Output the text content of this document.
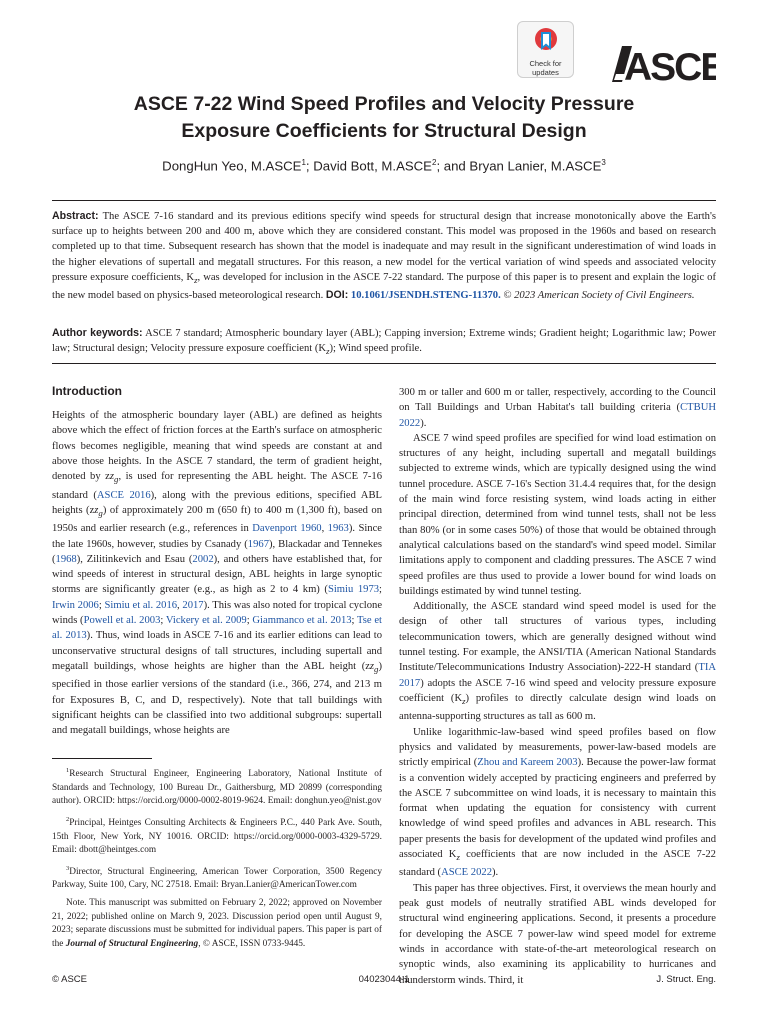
Check for
updates	ASCE
ASCE 7-22 Wind Speed Profiles and Velocity Pressure
Exposure Coefficients for Structural Design
DongHun Yeo, M.ASCE$^1$; David Bott, M.ASCE$^2$; and Bryan Lanier, M.ASCE$^3$
Abstract: The ASCE 7-16 standard and its previous editions specify wind speeds for structural design that increase monotonically above the Earth's surface up to heights between 200 and 400 m, above which they are considered constant. This model was proposed in the 1960s and based on research completed up to that time. Subsequent research has shown that the model is inadequate and may result in the significant underestimation of wind loads in the higher elevations of supertall and megatall structures. For this reason, a new model for the vertical variation of wind speeds and associated velocity pressure exposure coefficients, $K_z$, was developed for inclusion in the ASCE 7-22 standard. The purpose of this paper is to present and explain the logic of the new model based on physics-based meteorological research. DOI: 10.1061/JSENDH.STENG-11370. © 2023 American Society of Civil Engineers.
Author keywords: ASCE 7 standard; Atmospheric boundary layer (ABL); Capping inversion; Extreme winds; Gradient height; Logarithmic law; Power law; Structural design; Velocity pressure exposure coefficient $(K_z)$; Wind speed profile.
Introduction

Heights of the atmospheric boundary layer (ABL) are defined as heights above which the effect of friction forces at the Earth's surface on atmospheric flows becomes negligible, meaning that wind speeds are constant at and above those heights. In the ASCE 7 standard, the term of gradient height, denoted by $zz_g$, is used for representing the ABL height. The ASCE 7-16 standard (ASCE 2016), along with the previous editions, specified ABL heights $(zz_g)$ of approximately 200 m (650 ft) to 400 m (1,300 ft), based on 1950s and earlier research (e.g., references in Davenport 1960, 1963). Since the late 1960s, however, studies by Csanady (1967), Blackadar and Tennekes (1968), Zilitinkevich and Esau (2002), and others have established that, for wind speeds of interest in structural design, ABL heights in large synoptic storms are significantly greater (e.g., as high as 2 to 4 km) (Simiu 1973; Irwin 2006; Simiu et al. 2016, 2017). This was also noted for tropical cyclone winds (Powell et al. 2003; Vickery et al. 2009; Giammanco et al. 2013; Tse et al. 2013). Thus, wind loads in ASCE 7-16 and its earlier editions can lead to unconservative structural designs of tall structures, including supertall and megatall buildings, whose heights are higher than the ABL height $(zz_g)$ specified in those earlier versions of the standard (i.e., 366, 274, and 213 m for Exposures B, C, and D, respectively). Note that tall buildings with significant heights can be classified into two additional subgroups: supertall and megatall buildings, whose heights are

$^1$Research Structural Engineer, Engineering Laboratory, National Institute of Standards and Technology, 100 Bureau Dr., Gaithersburg, MD 20899 (corresponding author). ORCID: https://orcid.org/0000-0002-8019-9624. Email: donghun.yeo@nist.gov

$^2$Principal, Heintges Consulting Architects & Engineers P.C., 440 Park Ave. South, 15th Floor, New York, NY 10016. ORCID: https://orcid.org/0000-0003-4329-5729. Email: dbott@heintges.com

$^3$Director, Structural Engineering, American Tower Corporation, 3500 Regency Parkway, Suite 100, Cary, NC 27518. Email: Bryan.Lanier@AmericanTower.com

Note. This manuscript was submitted on February 2, 2022; approved on November 21, 2022; published online on March 9, 2023. Discussion period open until August 9, 2023; separate discussions must be submitted for individual papers. This paper is part of the Journal of Structural Engineering, © ASCE, ISSN 0733-9445.

300 m or taller and 600 m or taller, respectively, according to the Council on Tall Buildings and Urban Habitat's tall building criteria (CTBUH 2022).

ASCE 7 wind speed profiles are specified for wind load estimation on structures of any height, including supertall and megatall buildings subjected to extreme winds, which are typically designed using the wind tunnel procedure. ASCE 7-16's Section 31.4.4 requires that, for the design of the main wind force resisting system, wind loads acting in either principal direction, determined from wind tunnel tests, shall not be less than 80% (or in some cases 50%) of those that would be obtained through analytical calculations based on the standard's wind speed model. Similar limitations apply to component and cladding pressures. The ASCE 7 wind speed profiles are thus used to provide a lower bound for wind loads on buildings estimated by wind tunnel testing.

Additionally, the ASCE standard wind speed model is used for the design of other tall structures of various types, including telecommunication towers, which are generally designed without wind tunnel testing. For example, the ANSI/TIA (American National Standards Institute/Telecommunications Industry Association)-222-H standard (TIA 2017) adopts the ASCE 7-16 wind speed and velocity pressure exposure coefficient $(K_z)$ profiles to directly calculate design wind loads on antenna-supporting structures as tall as 600 m.

Unlike logarithmic-law-based wind speed profiles based on flow physics and validated by measurements, power-law-based models are strictly empirical (Zhou and Kareem 2003). Because the power-law format is a convention widely accepted by practicing engineers and preferred by the ASCE 7 subcommittee on wind loads, it is necessary to maintain this format when updating the equation for consistency with current knowledge of wind speed profiles and advances in ABL research. This paper presents the basis for development of the updated wind profiles and associated $K_z$ coefficients that are now included in the ASCE 7-22 standard (ASCE 2022).

This paper has three objectives. First, it overviews the mean hourly and peak gust models of neutrally stratified ABL winds developed for structural wind engineering applications. Second, it presents a procedure for developing the ASCE 7 power-law wind speed model for extreme winds in accordance with state-of-the-art meteorological research on synoptic winds, also examining its applicability to hurricanes and thunderstorm winds. Third, it

© ASCE	04023044-1	J. Struct. Eng.
